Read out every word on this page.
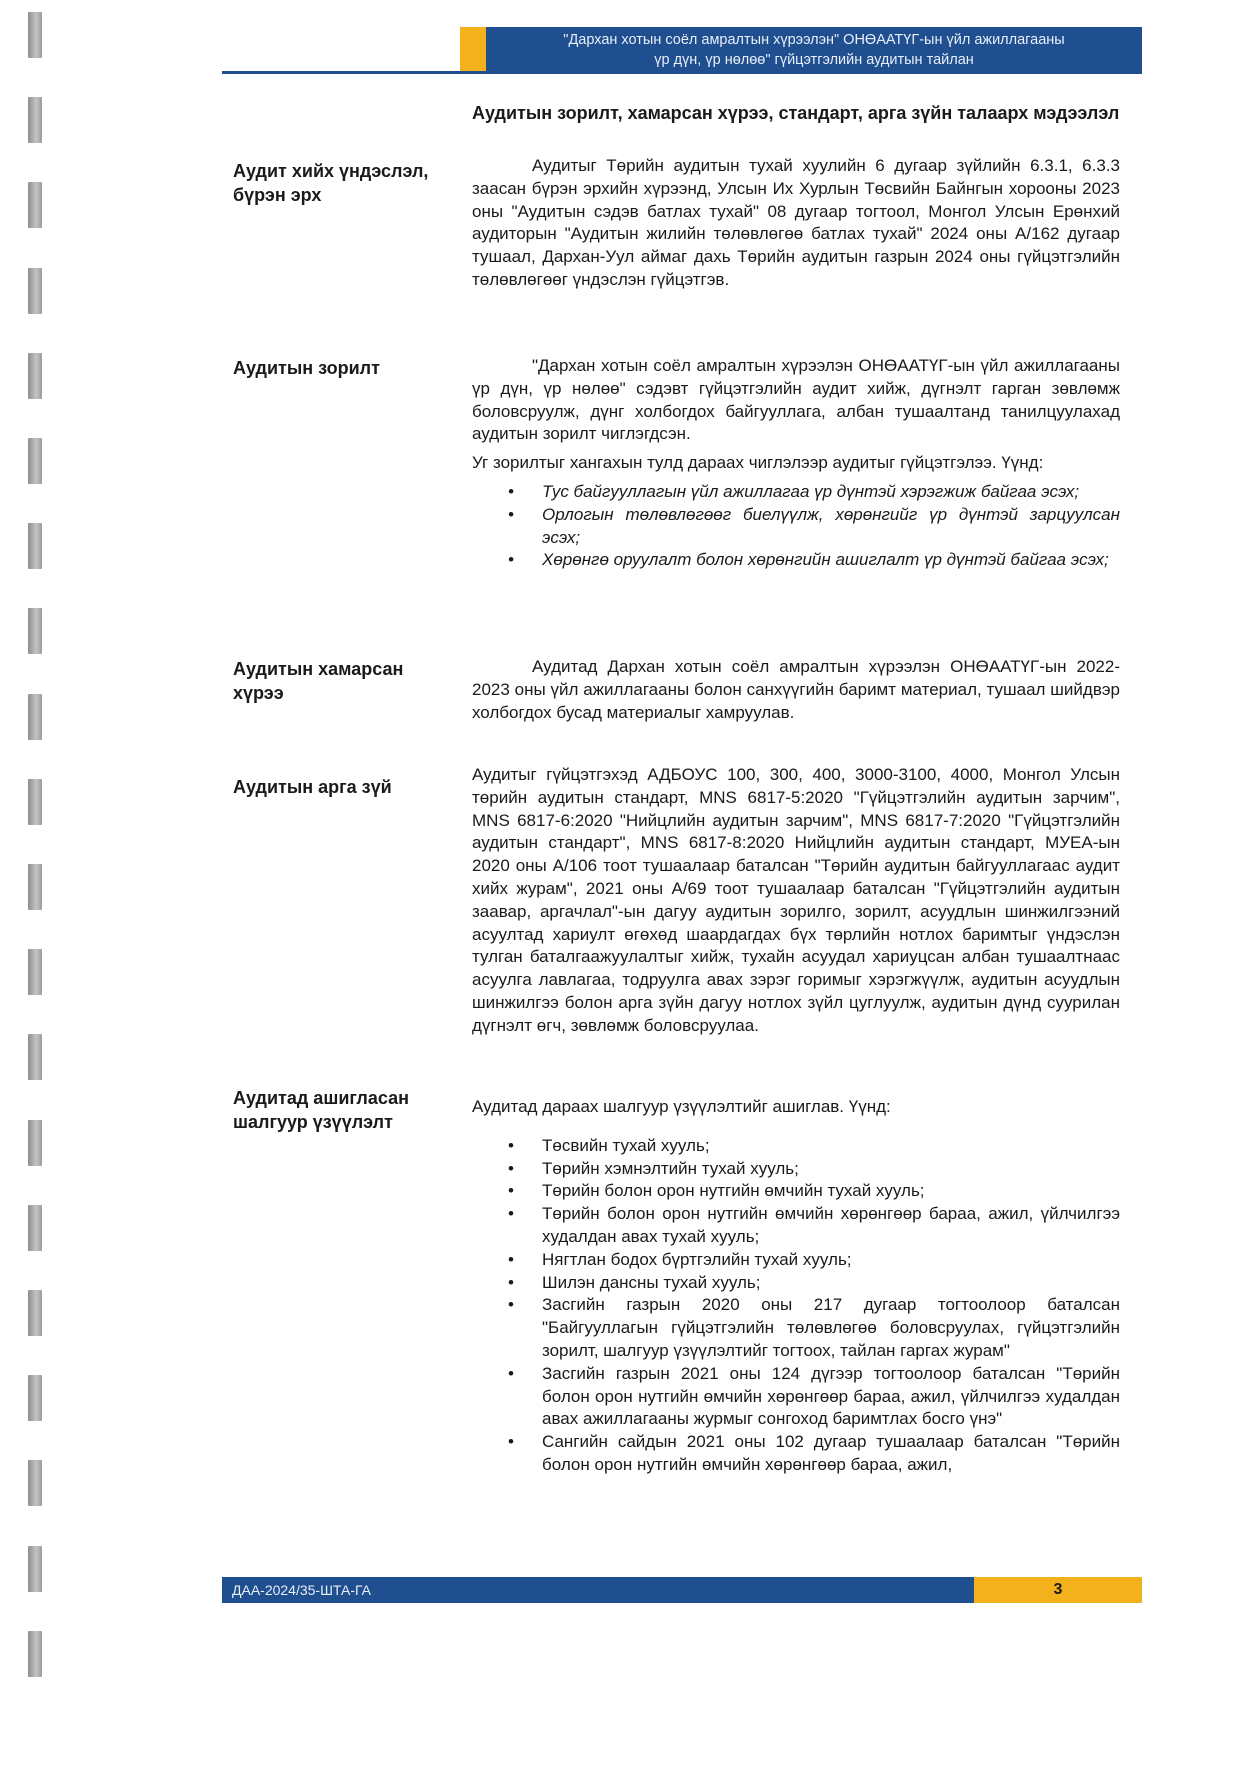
"Дархан хотын соёл амралтын хүрээлэн" ОНӨААТҮГ-ын үйл ажиллагааны
үр дүн, үр нөлөө" гүйцэтгэлийн аудитын тайлан
Аудитын зорилт, хамарсан хүрээ, стандарт, арга зүйн талаарх мэдээлэл
Аудит хийх үндэслэл, бүрэн эрх

Аудитыг Төрийн аудитын тухай хуулийн 6 дугаар зүйлийн 6.3.1, 6.3.3 заасан бүрэн эрхийн хүрээнд, Улсын Их Хурлын Төсвийн Байнгын хорооны 2023 оны "Аудитын сэдэв батлах тухай" 08 дугаар тогтоол, Монгол Улсын Ерөнхий аудиторын "Аудитын жилийн төлөвлөгөө батлах тухай" 2024 оны А/162 дугаар тушаал, Дархан-Уул аймаг дахь Төрийн аудитын газрын 2024 оны гүйцэтгэлийн төлөвлөгөөг үндэслэн гүйцэтгэв.

Аудитын зорилт	"Дархан хотын соёл амралтын хүрээлэн ОНӨААТҮГ-ын үйл ажиллагааны үр дүн, үр нөлөө" сэдэвт гүйцэтгэлийн аудит хийж, дүгнэлт гарган зөвлөмж боловсруулж, дүнг холбогдох байгууллага, албан тушаалтанд танилцуулахад аудитын зорилт чиглэгдсэн.

Уг зорилтыг хангахын тулд дараах чиглэлээр аудитыг гүйцэтгэлээ. Үүнд:

• Тус байгууллагын үйл ажиллагаа үр дүнтэй хэрэгжиж байгаа эсэх;
• Орлогын төлөвлөгөөг биелүүлж, хөрөнгийг үр дүнтэй зарцуулсан эсэх;
• Хөрөнгө оруулалт болон хөрөнгийн ашиглалт үр дүнтэй байгаа эсэх;
Аудитын хамарсан хүрээ

Аудитад Дархан хотын соёл амралтын хүрээлэн ОНӨААТҮГ-ын 2022-2023 оны үйл ажиллагааны болон санхүүгийн баримт материал, тушаал шийдвэр холбогдох бусад материалыг хамруулав.

Аудитын арга зүй

Аудитыг гүйцэтгэхэд АДБОУС 100, 300, 400, 3000-3100, 4000, Монгол Улсын төрийн аудитын стандарт, MNS 6817-5:2020 "Гүйцэтгэлийн аудитын зарчим", MNS 6817-6:2020 "Нийцлийн аудитын зарчим", MNS 6817-7:2020 "Гүйцэтгэлийн аудитын стандарт", MNS 6817-8:2020 Нийцлийн аудитын стандарт, МУЕА-ын 2020 оны А/106 тоот тушаалаар баталсан "Төрийн аудитын байгууллагаас аудит хийх журам", 2021 оны А/69 тоот тушаалаар баталсан "Гүйцэтгэлийн аудитын заавар, аргачлал"-ын дагуу аудитын зорилго, зорилт, асуудлын шинжилгээний асуултад хариулт өгөхөд шаардагдах бүх төрлийн нотлох баримтыг үндэслэн тулган баталгаажуулалтыг хийж, тухайн асуудал хариуцсан албан тушаалтнаас асуулга лавлагаа, тодруулга авах зэрэг горимыг хэрэгжүүлж, аудитын асуудлын шинжилгээ болон арга зүйн дагуу нотлох зүйл цуглуулж, аудитын дүнд суурилан дүгнэлт өгч, зөвлөмж боловсруулаа.

Аудитад ашигласан шалгуур үзүүлэлт

Аудитад дараах шалгуур үзүүлэлтийг ашиглав. Үүнд:

• Төсвийн тухай хууль;
• Төрийн хэмнэлтийн тухай хууль;
• Төрийн болон орон нутгийн өмчийн тухай хууль;
• Төрийн болон орон нутгийн өмчийн хөрөнгөөр бараа, ажил, үйлчилгээ худалдан авах тухай хууль;
• Нягтлан бодох бүртгэлийн тухай хууль;
• Шилэн дансны тухай хууль;
• Засгийн газрын 2020 оны 217 дугаар тогтоолоор баталсан "Байгууллагын гүйцэтгэлийн төлөвлөгөө боловсруулах, гүйцэтгэлийн зорилт, шалгуур үзүүлэлтийг тогтоох, тайлан гаргах журам"
• Засгийн газрын 2021 оны 124 дүгээр тогтоолоор баталсан "Төрийн болон орон нутгийн өмчийн хөрөнгөөр бараа, ажил, үйлчилгээ худалдан авах ажиллагааны журмыг сонгоход баримтлах босго үнэ"
• Сангийн сайдын 2021 оны 102 дугаар тушаалаар баталсан "Төрийн болон орон нутгийн өмчийн хөрөнгөөр бараа, ажил,
ДАА-2024/35-ШТА-ГА	3
